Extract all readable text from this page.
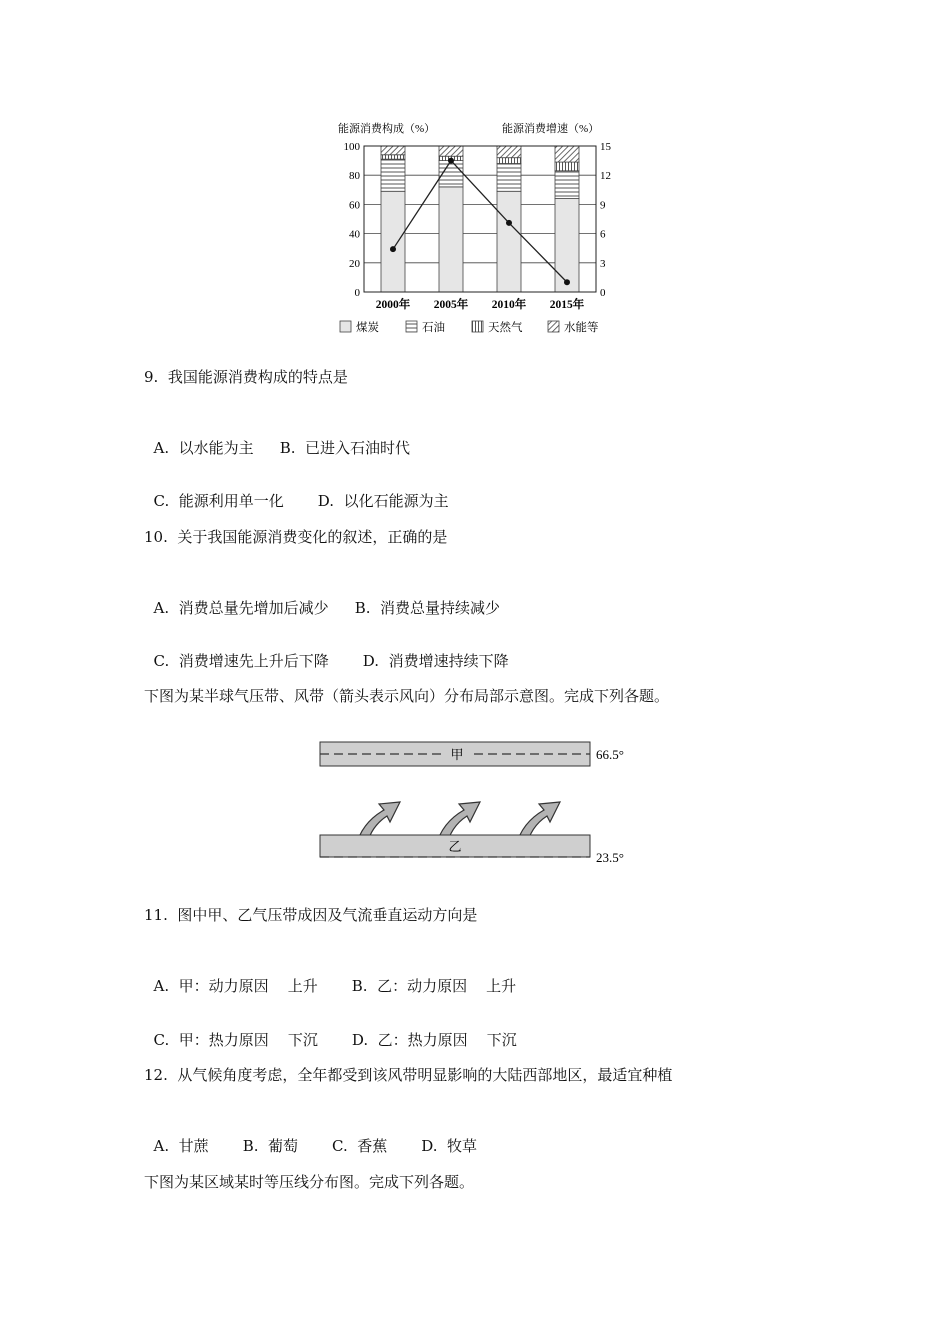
能源消费构成（%）	能源消费增速（%）
0
20
40
60
80
100
0
3
6
9
12
15
2000年 2005年 2010年 2015年
煤炭	石油	天然气	水能等
9.  我国能源消费构成的特点是

A.  以水能为主 B.  已进入石油时代

C.  能源利用单一化 D.  以化石能源为主

10.  关于我国能源消费变化的叙述，正确的是

A.  消费总量先增加后减少 B.  消费总量持续减少

C.  消费增速先上升后下降 D.  消费增速持续下降

下图为某半球气压带、风带（箭头表示风向）分布局部示意图。完成下列各题。
甲	66.5°
乙
23.5°
11.  图中甲、乙气压带成因及气流垂直运动方向是

A.  甲：动力原因    上升 B.  乙：动力原因    上升

C.  甲：热力原因    下沉 D.  乙：热力原因    下沉

12.  从气候角度考虑，全年都受到该风带明显影响的大陆西部地区，最适宜种植

A.  甘蔗 B.  葡萄 C.  香蕉 D.  牧草

下图为某区域某时等压线分布图。完成下列各题。
